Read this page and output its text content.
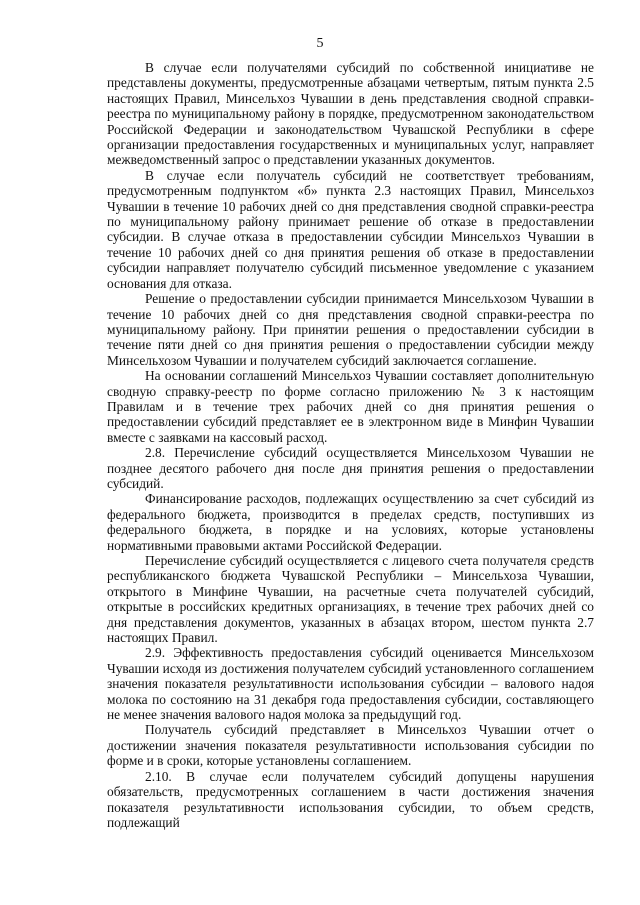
5

В случае если получателями субсидий по собственной инициативе не представлены документы, предусмотренные абзацами четвертым, пятым пункта 2.5 настоящих Правил, Минсельхоз Чувашии в день представления сводной справки-реестра по муниципальному району в порядке, предусмотренном законодательством Российской Федерации и законодательством Чувашской Республики в сфере организации предоставления государственных и муниципальных услуг, направляет межведомственный запрос о представлении указанных документов.

В случае если получатель субсидий не соответствует требованиям, предусмотренным подпунктом «б» пункта 2.3 настоящих Правил, Минсельхоз Чувашии в течение 10 рабочих дней со дня представления сводной справки-реестра по муниципальному району принимает решение об отказе в предоставлении субсидии. В случае отказа в предоставлении субсидии Минсельхоз Чувашии в течение 10 рабочих дней со дня принятия решения об отказе в предоставлении субсидии направляет получателю субсидий письменное уведомление с указанием основания для отказа.

Решение о предоставлении субсидии принимается Минсельхозом Чувашии в течение 10 рабочих дней со дня представления сводной справки-реестра по муниципальному району. При принятии решения о предоставлении субсидии в течение пяти дней со дня принятия решения о предоставлении субсидии между Минсельхозом Чувашии и получателем субсидий заключается соглашение.

На основании соглашений Минсельхоз Чувашии составляет дополнительную сводную справку-реестр по форме согласно приложению № 3 к настоящим Правилам и в течение трех рабочих дней со дня принятия решения о предоставлении субсидий представляет ее в электронном виде в Минфин Чувашии вместе с заявками на кассовый расход.

2.8. Перечисление субсидий осуществляется Минсельхозом Чувашии не позднее десятого рабочего дня после дня принятия решения о предоставлении субсидий.

Финансирование расходов, подлежащих осуществлению за счет субсидий из федерального бюджета, производится в пределах средств, поступивших из федерального бюджета, в порядке и на условиях, которые установлены нормативными правовыми актами Российской Федерации.

Перечисление субсидий осуществляется с лицевого счета получателя средств республиканского бюджета Чувашской Республики – Минсельхоза Чувашии, открытого в Минфине Чувашии, на расчетные счета получателей субсидий, открытые в российских кредитных организациях, в течение трех рабочих дней со дня представления документов, указанных в абзацах втором, шестом пункта 2.7 настоящих Правил.

2.9. Эффективность предоставления субсидий оценивается Минсельхозом Чувашии исходя из достижения получателем субсидий установленного соглашением значения показателя результативности использования субсидии – валового надоя молока по состоянию на 31 декабря года предоставления субсидии, составляющего не менее значения валового надоя молока за предыдущий год.

Получатель субсидий представляет в Минсельхоз Чувашии отчет о достижении значения показателя результативности использования субсидии по форме и в сроки, которые установлены соглашением.

2.10. В случае если получателем субсидий допущены нарушения обязательств, предусмотренных соглашением в части достижения значения показателя результативности использования субсидии, то объем средств, подлежащий
